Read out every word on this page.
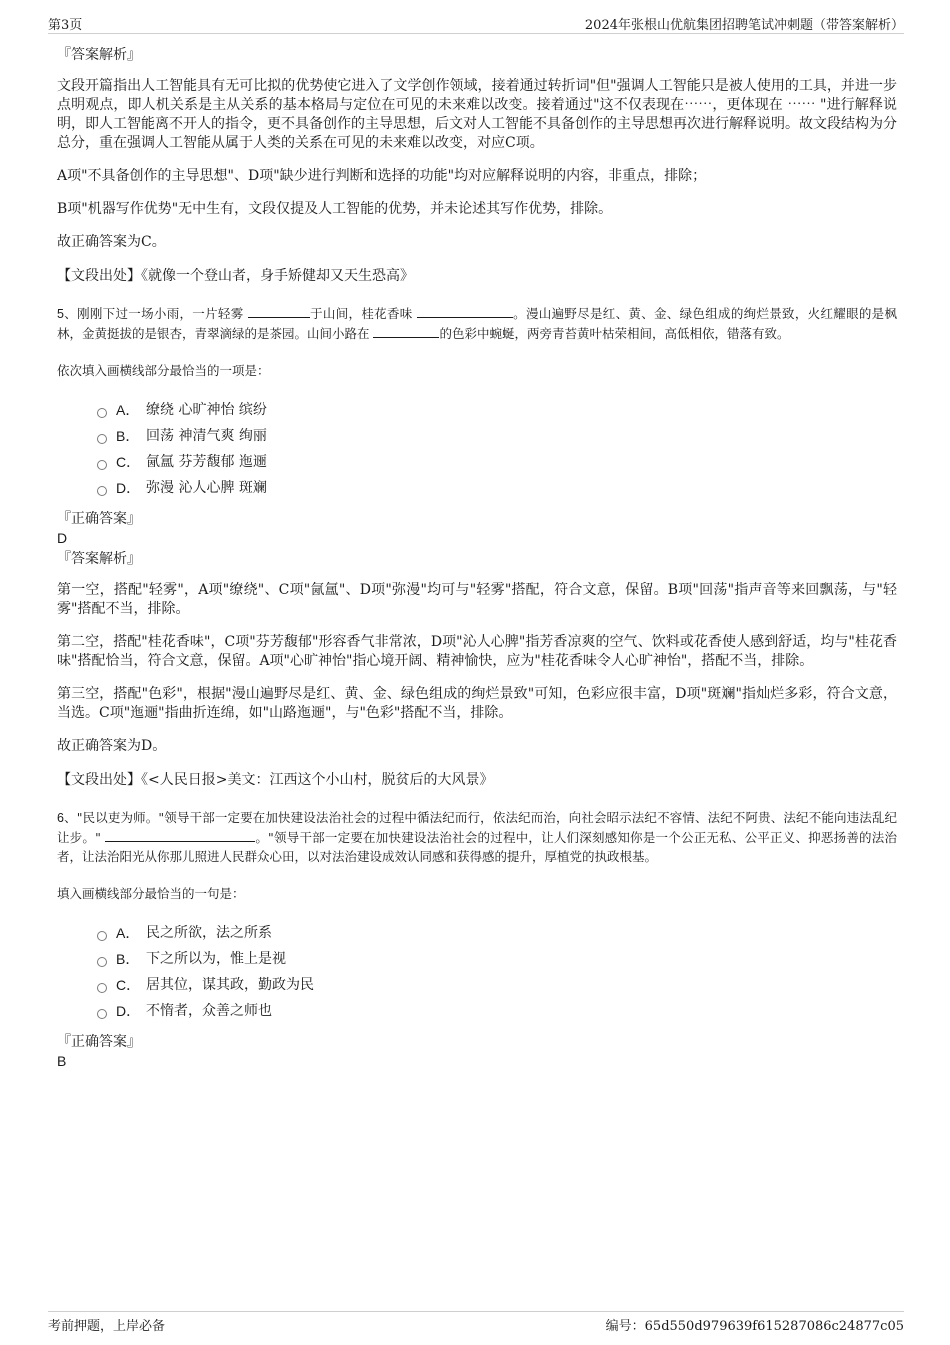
第3页	2024年张根山优航集团招聘笔试冲刺题（带答案解析）
『答案解析』
文段开篇指出人工智能具有无可比拟的优势使它进入了文学创作领域，接着通过转折词"但"强调人工智能只是被人使用的工具，并进一步点明观点，即人机关系是主从关系的基本格局与定位在可见的未来难以改变。接着通过"这不仅表现在⋯⋯，更体现在 ⋯⋯ "进行解释说明，即人工智能离不开人的指令，更不具备创作的主导思想，后文对人工智能不具备创作的主导思想再次进行解释说明。故文段结构为分总分，重在强调人工智能从属于人类的关系在可见的未来难以改变，对应C项。
A项"不具备创作的主导思想"、D项"缺少进行判断和选择的功能"均对应解释说明的内容，非重点，排除；
B项"机器写作优势"无中生有，文段仅提及人工智能的优势，并未论述其写作优势，排除。
故正确答案为C。
【文段出处】《就像一个登山者，身手矫健却又天生恐高》
5、刚刚下过一场小雨，一片轻雾	于山间，桂花香味	。漫山遍野尽是红、黄、金、绿色组成的绚烂景致，火红耀眼的是枫林，金黄挺拔的是银杏，青翠滴绿的是茶园。山间小路在	的色彩中蜿蜒，两旁青苔黄叶枯荣相间，高低相依，错落有致。
依次填入画横线部分最恰当的一项是：
A． 缭绕 心旷神怡 缤纷
B． 回荡 神清气爽 绚丽
C． 氤氲 芬芳馥郁 迤逦
D． 弥漫 沁人心脾 斑斓
『正确答案』
D
『答案解析』
第一空，搭配"轻雾"，A项"缭绕"、C项"氤氲"、D项"弥漫"均可与"轻雾"搭配，符合文意，保留。B项"回荡"指声音等来回飘荡，与"轻雾"搭配不当，排除。
第二空，搭配"桂花香味"，C项"芬芳馥郁"形容香气非常浓，D项"沁人心脾"指芳香凉爽的空气、饮料或花香使人感到舒适，均与"桂花香味"搭配恰当，符合文意，保留。A项"心旷神怡"指心境开阔、精神愉快，应为"桂花香味令人心旷神怡"，搭配不当，排除。
第三空，搭配"色彩"，根据"漫山遍野尽是红、黄、金、绿色组成的绚烂景致"可知，色彩应很丰富，D项"斑斓"指灿烂多彩，符合文意，当选。C项"迤逦"指曲折连绵，如"山路迤逦"，与"色彩"搭配不当，排除。
故正确答案为D。
【文段出处】《<人民日报>美文：江西这个小山村，脱贫后的大风景》
6、"民以吏为师。"领导干部一定要在加快建设法治社会的过程中循法纪而行，依法纪而治，向社会昭示法纪不容情、法纪不阿贵、法纪不能向违法乱纪让步。"	。"领导干部一定要在加快建设法治社会的过程中，让人们深刻感知你是一个公正无私、公平正义、抑恶扬善的法治者，让法治阳光从你那儿照进人民群众心田，以对法治建设成效认同感和获得感的提升，厚植党的执政根基。
填入画横线部分最恰当的一句是：
A． 民之所欲，法之所系
B． 下之所以为，惟上是视
C． 居其位，谋其政，勤政为民
D． 不惰者，众善之师也
『正确答案』
B
考前押题，上岸必备	编号：65d550d979639f615287086c24877c05
